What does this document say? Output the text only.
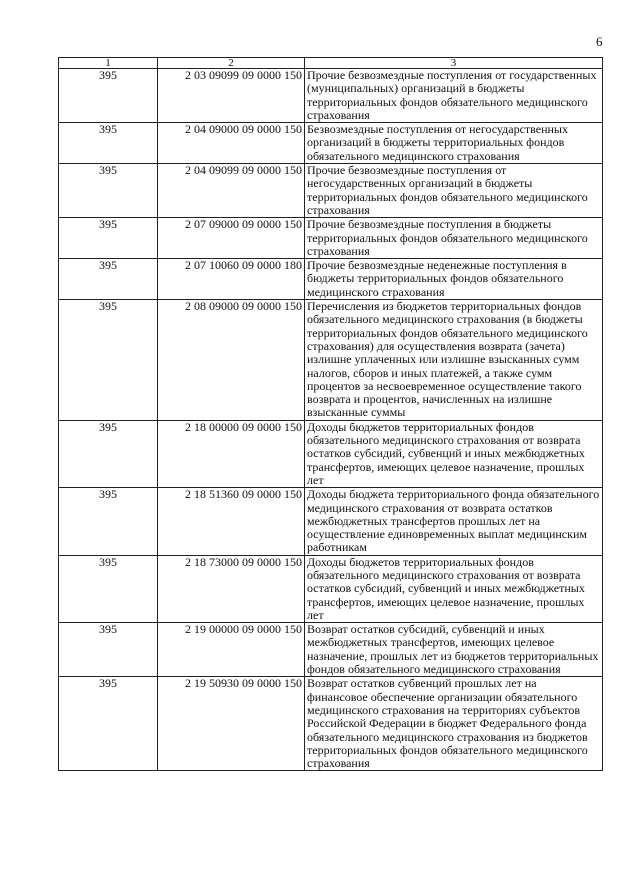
6
1	2	3
395	2 03 09099 09 0000 150	Прочие безвозмездные поступления от государственных (муниципальных) организаций в бюджеты территориальных фондов обязательного медицинского страхования
395	2 04 09000 09 0000 150	Безвозмездные поступления от негосударственных организаций в бюджеты территориальных фондов обязательного медицинского страхования
395	2 04 09099 09 0000 150	Прочие безвозмездные поступления от негосударственных организаций в бюджеты территориальных фондов обязательного медицинского страхования
395	2 07 09000 09 0000 150	Прочие безвозмездные поступления в бюджеты территориальных фондов обязательного медицинского страхования
395	2 07 10060 09 0000 180	Прочие безвозмездные неденежные поступления в бюджеты территориальных фондов обязательного медицинского страхования
395	2 08 09000 09 0000 150	Перечисления из бюджетов территориальных фондов обязательного медицинского страхования (в бюджеты территориальных фондов обязательного медицинского страхования) для осуществления возврата (зачета) излишне уплаченных или излишне взысканных сумм налогов, сборов и иных платежей, а также сумм процентов за несвоевременное осуществление такого возврата и процентов, начисленных на излишне взысканные суммы
395	2 18 00000 09 0000 150	Доходы бюджетов территориальных фондов обязательного медицинского страхования от возврата остатков субсидий, субвенций и иных межбюджетных трансфертов, имеющих целевое назначение, прошлых лет
395	2 18 51360 09 0000 150	Доходы бюджета территориального фонда обязательного медицинского страхования от возврата остатков межбюджетных трансфертов прошлых лет на осуществление единовременных выплат медицинским работникам
395	2 18 73000 09 0000 150	Доходы бюджетов территориальных фондов обязательного медицинского страхования от возврата остатков субсидий, субвенций и иных межбюджетных трансфертов, имеющих целевое назначение, прошлых лет
395	2 19 00000 09 0000 150	Возврат остатков субсидий, субвенций и иных межбюджетных трансфертов, имеющих целевое назначение, прошлых лет из бюджетов территориальных фондов обязательного медицинского страхования
395	2 19 50930 09 0000 150	Возврат остатков субвенций прошлых лет на финансовое обеспечение организации обязательного медицинского страхования на территориях субъектов Российской Федерации в бюджет Федерального фонда обязательного медицинского страхования из бюджетов территориальных фондов обязательного медицинского страхования
